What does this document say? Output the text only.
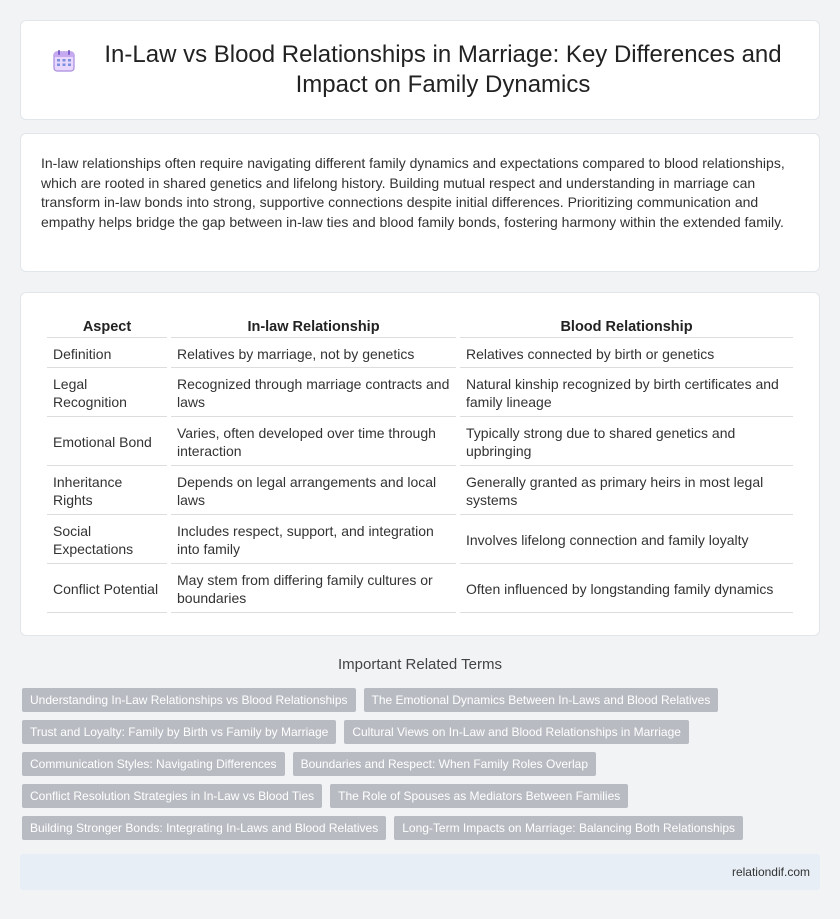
In-Law vs Blood Relationships in Marriage: Key Differences and Impact on Family Dynamics

In-law relationships often require navigating different family dynamics and expectations compared to blood relationships, which are rooted in shared genetics and lifelong history. Building mutual respect and understanding in marriage can transform in-law bonds into strong, supportive connections despite initial differences. Prioritizing communication and empathy helps bridge the gap between in-law ties and blood family bonds, fostering harmony within the extended family.

Aspect	In-law Relationship	Blood Relationship
Definition	Relatives by marriage, not by genetics	Relatives connected by birth or genetics
Legal Recognition	Recognized through marriage contracts and laws	Natural kinship recognized by birth certificates and family lineage
Emotional Bond	Varies, often developed over time through interaction	Typically strong due to shared genetics and upbringing
Inheritance Rights	Depends on legal arrangements and local laws	Generally granted as primary heirs in most legal systems
Social Expectations	Includes respect, support, and integration into family	Involves lifelong connection and family loyalty
Conflict Potential	May stem from differing family cultures or boundaries	Often influenced by longstanding family dynamics
Important Related Terms
Understanding In-Law Relationships vs Blood Relationships	The Emotional Dynamics Between In-Laws and Blood Relatives
Trust and Loyalty: Family by Birth vs Family by Marriage	Cultural Views on In-Law and Blood Relationships in Marriage
Communication Styles: Navigating Differences	Boundaries and Respect: When Family Roles Overlap
Conflict Resolution Strategies in In-Law vs Blood Ties	The Role of Spouses as Mediators Between Families
Building Stronger Bonds: Integrating In-Laws and Blood Relatives	Long-Term Impacts on Marriage: Balancing Both Relationships
relationdif.com
